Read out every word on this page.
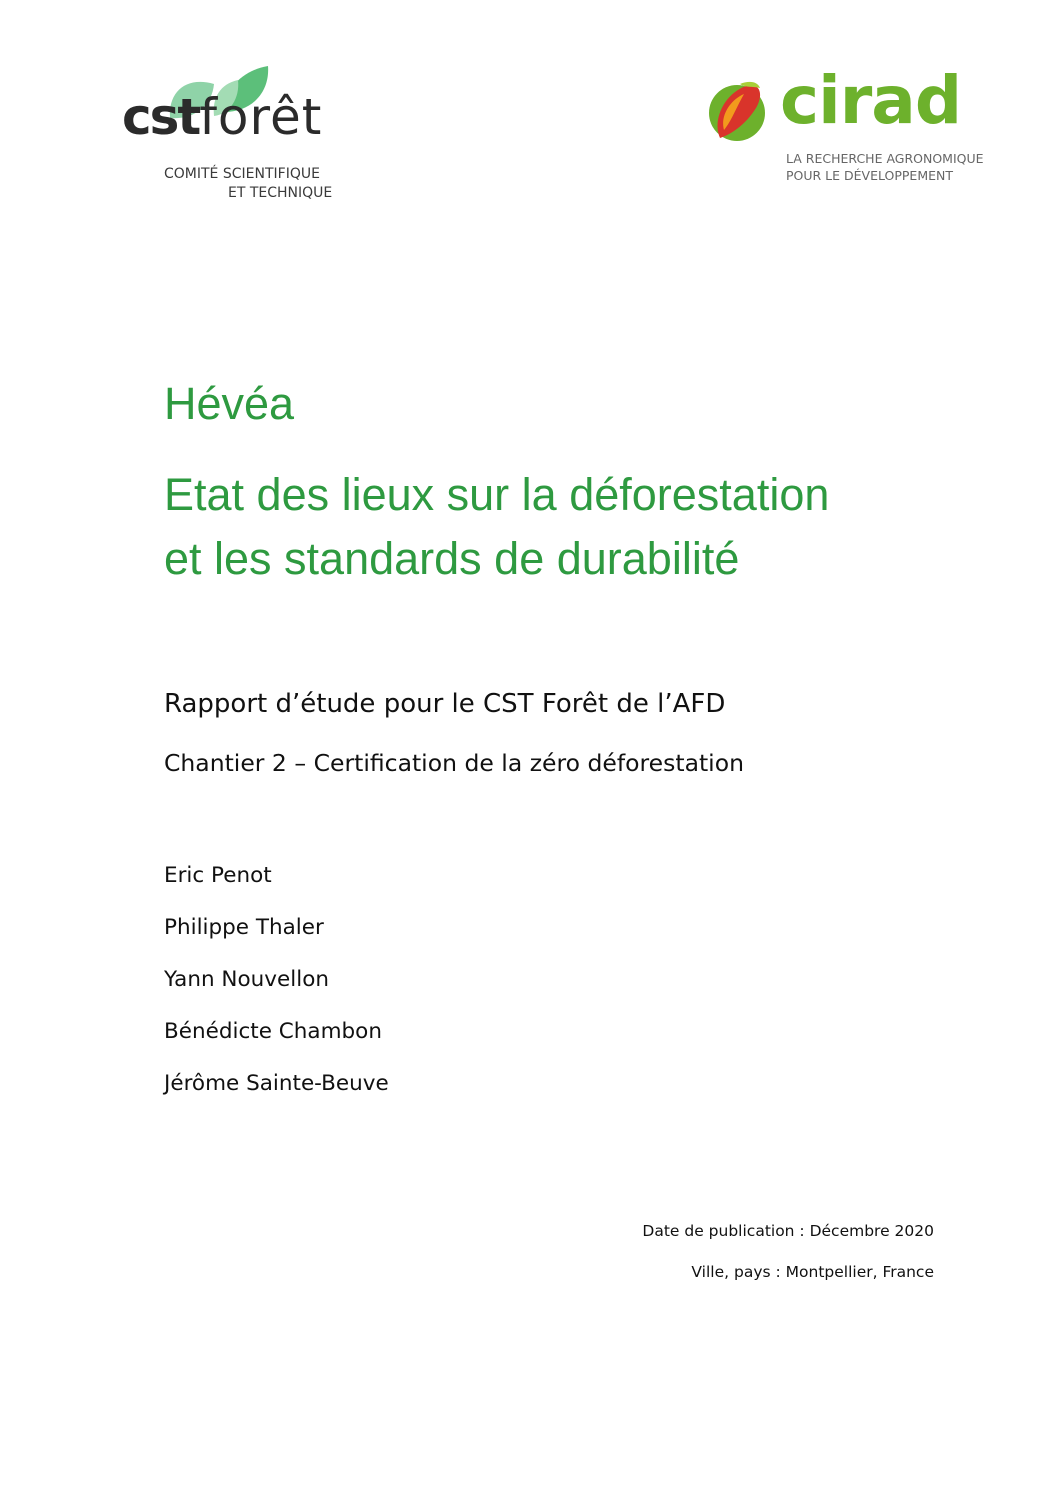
cstforêt
COMITÉ SCIENTIFIQUE
ET TECHNIQUE
cirad
LA RECHERCHE AGRONOMIQUE
POUR LE DÉVELOPPEMENT
Hévéa
Etat des lieux sur la déforestation
et les standards de durabilité
Rapport d’étude pour le CST Forêt de l’AFD
Chantier 2 – Certification de la zéro déforestation
Eric Penot
Philippe Thaler
Yann Nouvellon
Bénédicte Chambon
Jérôme Sainte-Beuve
Date de publication : Décembre 2020
Ville, pays : Montpellier, France
